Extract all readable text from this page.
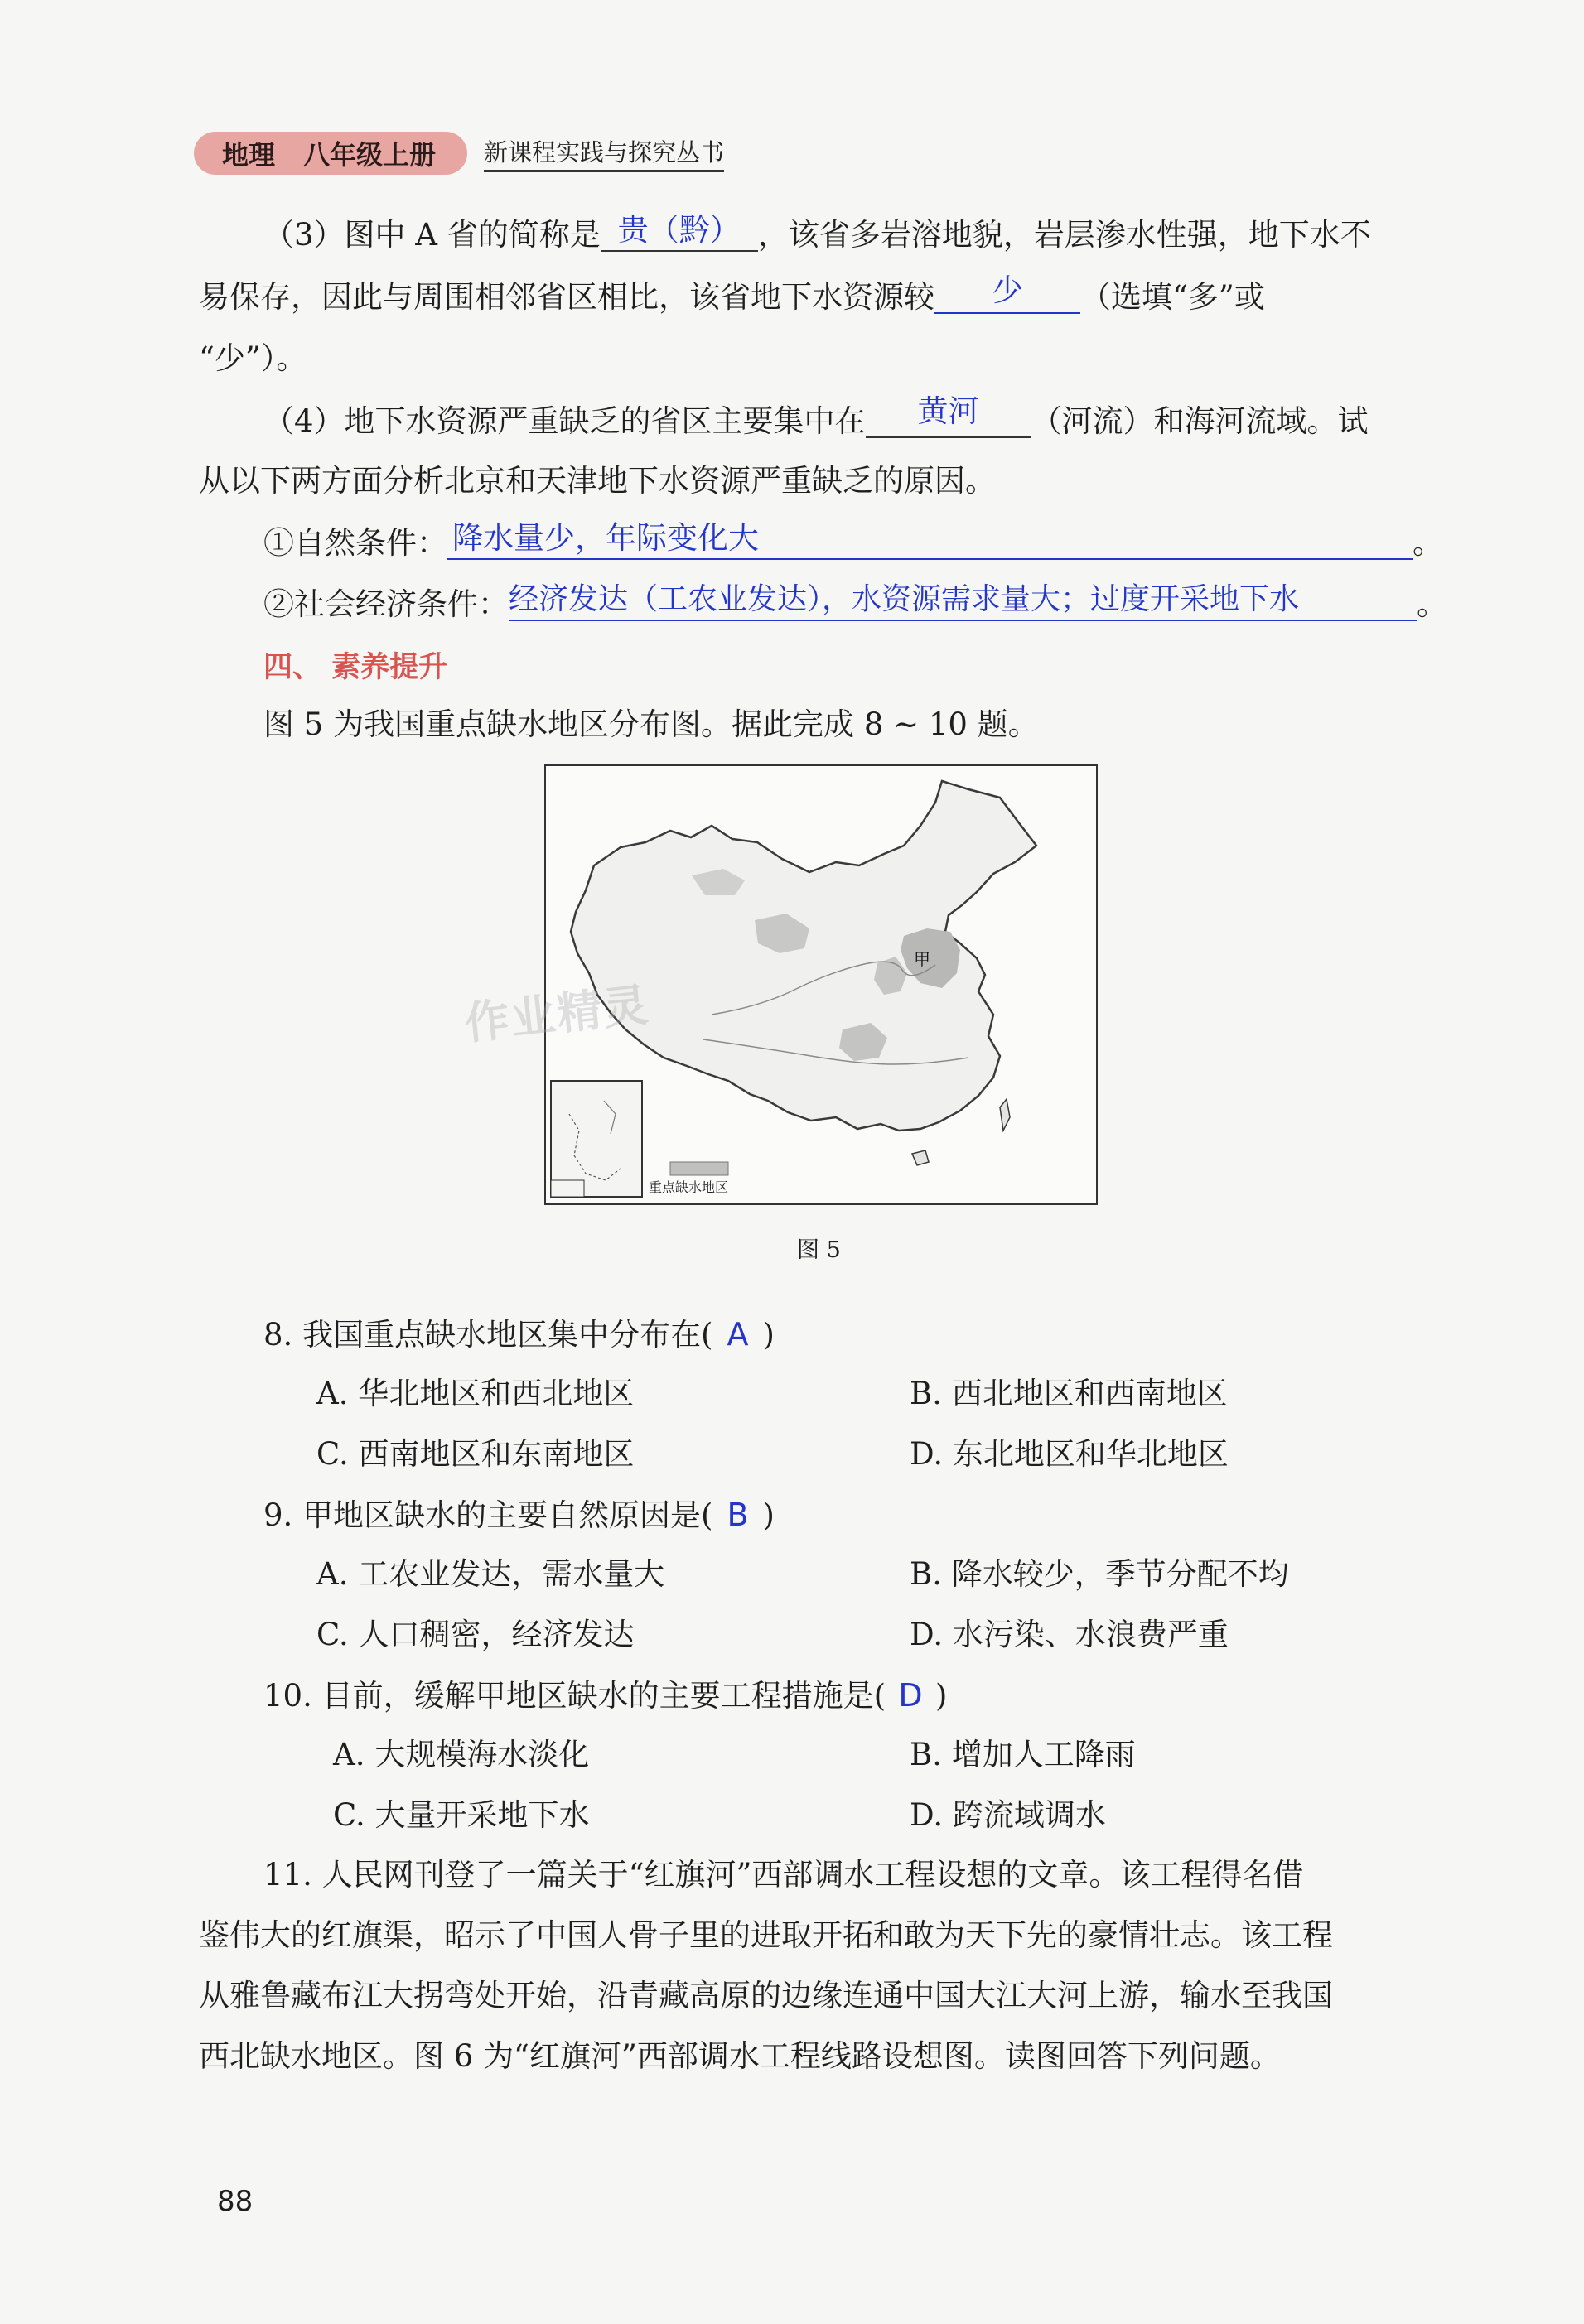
地理 八年级上册 新课程实践与探究丛书
（3）图中 A 省的简称是 贵（黔） ，该省多岩溶地貌，岩层渗水性强，地下水不
易保存，因此与周围相邻省区相比，该省地下水资源较	少	（选填“多”或
“少”）。
（4）地下水资源严重缺乏的省区主要集中在	黄河	（河流）和海河流域。试
从以下两方面分析北京和天津地下水资源严重缺乏的原因。
①自然条件： 降水量少，年际变化大	。
②社会经济条件： 经济发达（工农业发达），水资源需求量大；过度开采地下水	。
四、 素养提升
图 5 为我国重点缺水地区分布图。据此完成 8 ~ 10 题。
甲
重点缺水地区
图 5
8. 我国重点缺水地区集中分布在( A )
A. 华北地区和西北地区	B. 西北地区和西南地区
C. 西南地区和东南地区	D. 东北地区和华北地区
9. 甲地区缺水的主要自然原因是( B )
A. 工农业发达，需水量大	B. 降水较少，季节分配不均
C. 人口稠密，经济发达	D. 水污染、水浪费严重
10. 目前，缓解甲地区缺水的主要工程措施是( D )
A. 大规模海水淡化	B. 增加人工降雨
C. 大量开采地下水	D. 跨流域调水
11. 人民网刊登了一篇关于“红旗河”西部调水工程设想的文章。该工程得名借
鉴伟大的红旗渠，昭示了中国人骨子里的进取开拓和敢为天下先的豪情壮志。该工程
从雅鲁藏布江大拐弯处开始，沿青藏高原的边缘连通中国大江大河上游，输水至我国
西北缺水地区。图 6 为“红旗河”西部调水工程线路设想图。读图回答下列问题。
88
作业精灵
